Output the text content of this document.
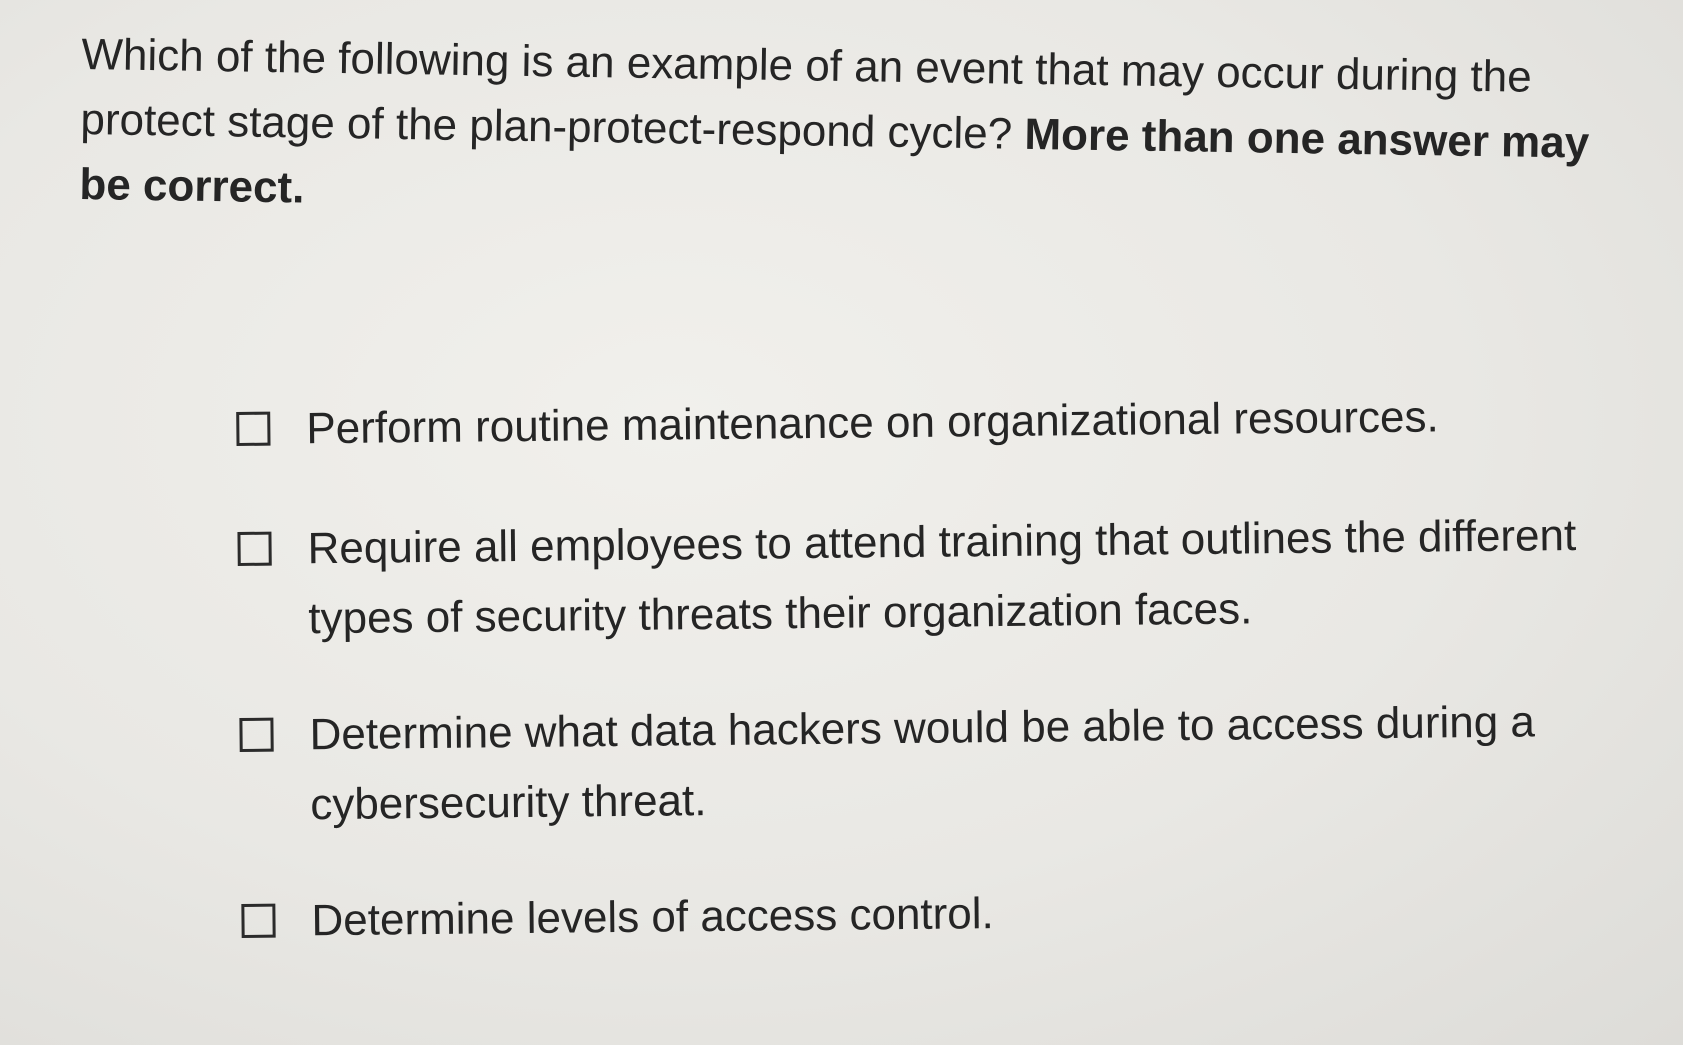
Which of the following is an example of an event that may occur during the protect stage of the plan-protect-respond cycle? More than one answer may be correct.
Perform routine maintenance on organizational resources.
Require all employees to attend training that outlines the different types of security threats their organization faces.
Determine what data hackers would be able to access during a cybersecurity threat.
Determine levels of access control.
